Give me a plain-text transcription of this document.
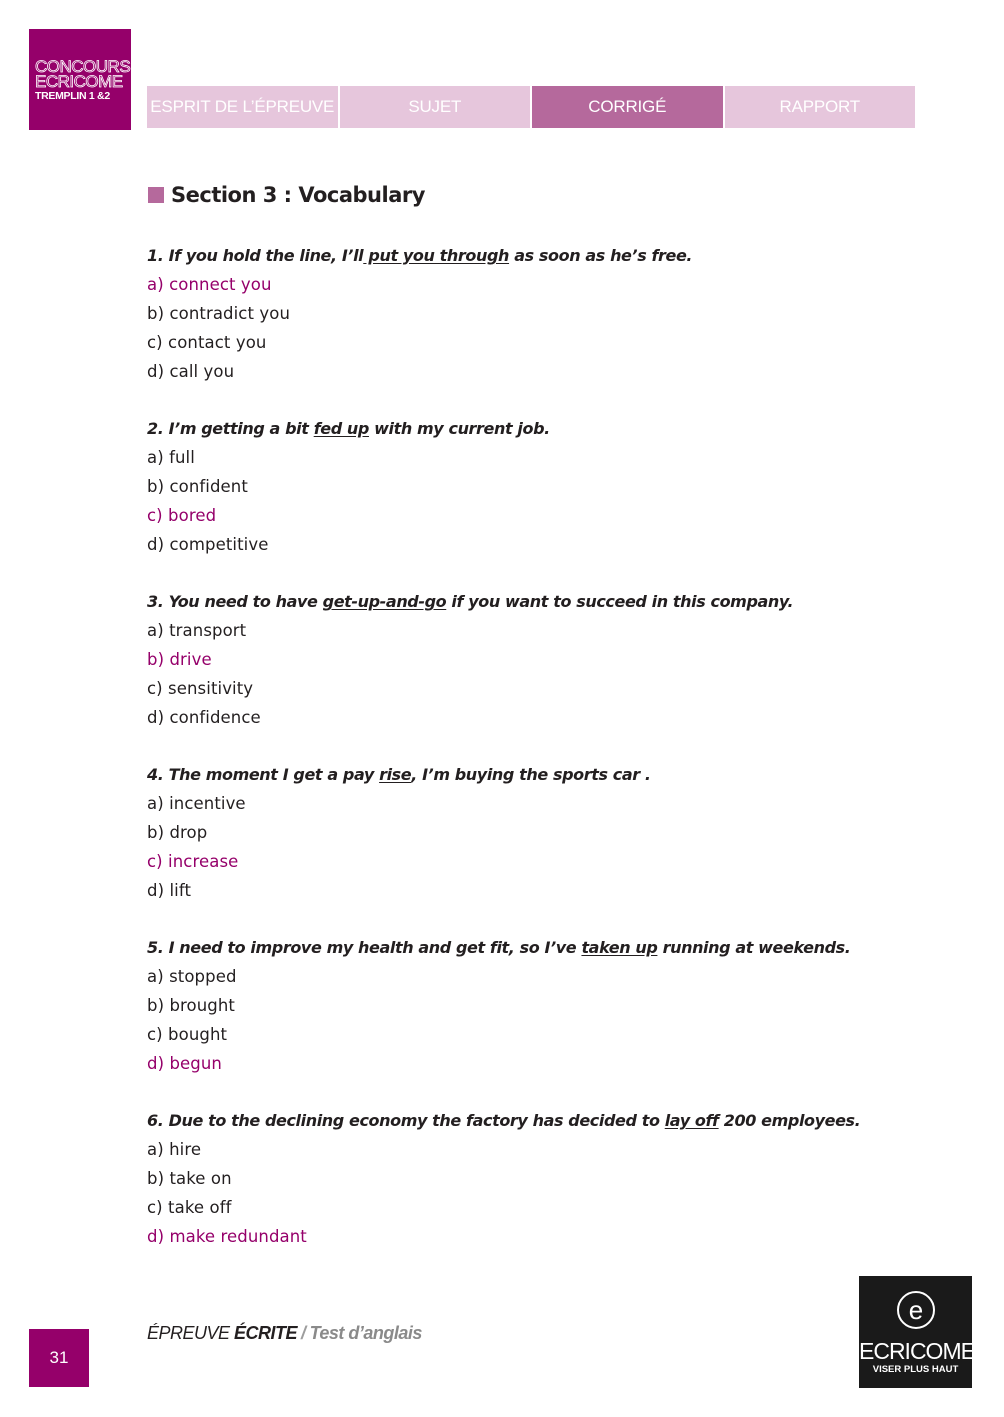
CONCOURS
ECRICOME
TREMPLIN 1 &2
ESPRIT DE L’ÉPREUVE	SUJET	CORRIGÉ	RAPPORT
Section 3 : Vocabulary
1. If you hold the line, I’ll put you through as soon as he’s free.
a) connect you
b) contradict you
c) contact you
d) call you
2. I’m getting a bit fed up with my current job.
a) full
b) confident
c) bored
d) competitive
3. You need to have get-up-and-go if you want to succeed in this company.
a) transport
b) drive
c) sensitivity
d) confidence
4. The moment I get a pay rise, I’m buying the sports car .
a) incentive
b) drop
c) increase
d) lift
5. I need to improve my health and get fit, so I’ve taken up running at weekends.
a) stopped
b) brought
c) bought
d) begun
6. Due to the declining economy the factory has decided to lay off 200 employees.
a) hire
b) take on
c) take off
d) make redundant
31
ÉPREUVE ÉCRITE / Test d’anglais
e
ECRICOME
VISER PLUS HAUT
